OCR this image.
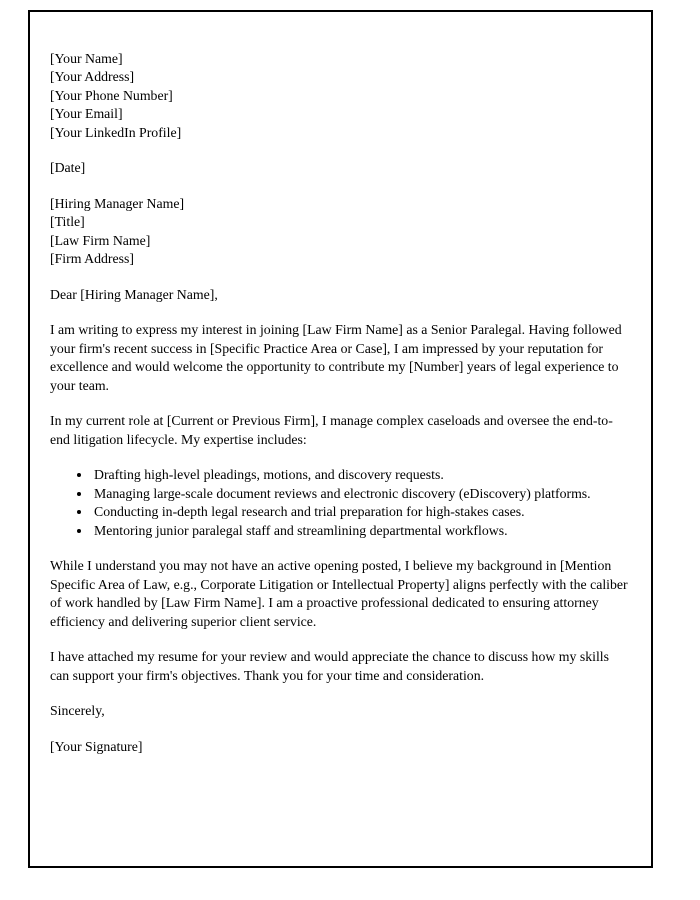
[Your Name]
[Your Address]
[Your Phone Number]
[Your Email]
[Your LinkedIn Profile]
[Date]
[Hiring Manager Name]
[Title]
[Law Firm Name]
[Firm Address]

Dear [Hiring Manager Name],

I am writing to express my interest in joining [Law Firm Name] as a Senior Paralegal. Having followed your firm's recent success in [Specific Practice Area or Case], I am impressed by your reputation for excellence and would welcome the opportunity to contribute my [Number] years of legal experience to your team.

In my current role at [Current or Previous Firm], I manage complex caseloads and oversee the end-to-end litigation lifecycle. My expertise includes:

• Drafting high-level pleadings, motions, and discovery requests.
• Managing large-scale document reviews and electronic discovery (eDiscovery) platforms.
• Conducting in-depth legal research and trial preparation for high-stakes cases.
• Mentoring junior paralegal staff and streamlining departmental workflows.

While I understand you may not have an active opening posted, I believe my background in [Mention Specific Area of Law, e.g., Corporate Litigation or Intellectual Property] aligns perfectly with the caliber of work handled by [Law Firm Name]. I am a proactive professional dedicated to ensuring attorney efficiency and delivering superior client service.

I have attached my resume for your review and would appreciate the chance to discuss how my skills can support your firm's objectives. Thank you for your time and consideration.

Sincerely,

[Your Signature]
